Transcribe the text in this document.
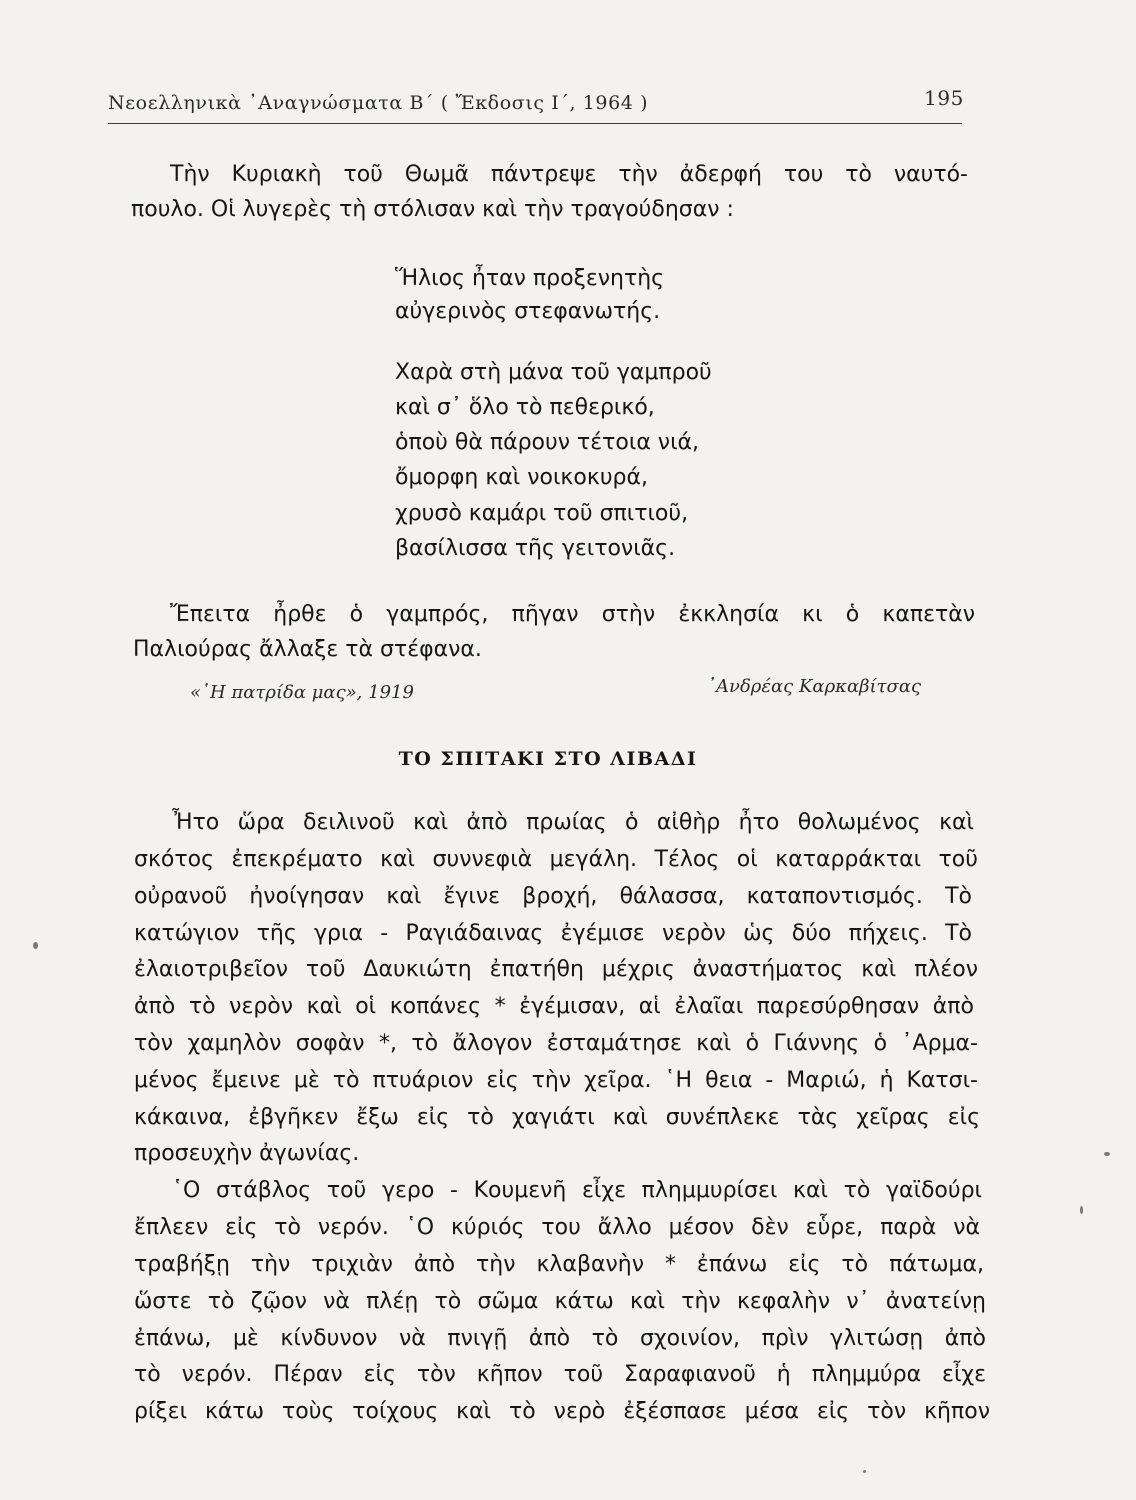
Νεοελληνικὰ ᾿Αναγνώσματα Β´ ( Ἔκδοσις Ι´, 1964 )	195
Τὴν Κυριακὴ τοῦ Θωμᾶ πάντρεψε τὴν ἀδερφή του τὸ ναυτό-
πουλο. Οἱ λυγερὲς τὴ στόλισαν καὶ τὴν τραγούδησαν :
Ἥλιος ἦταν προξενητὴς
αὐγερινὸς στεφανωτής.
Χαρὰ στὴ μάνα τοῦ γαμπροῦ
καὶ σ᾿ ὅλο τὸ πεθερικό,
ὁποὺ θὰ πάρουν τέτοια νιά,
ὄμορφη καὶ νοικοκυρά,
χρυσὸ καμάρι τοῦ σπιτιοῦ,
βασίλισσα τῆς γειτονιᾶς.
Ἔπειτα ἦρθε ὁ γαμπρός, πῆγαν στὴν ἐκκλησία κι ὁ καπετὰν
Παλιούρας ἄλλαξε τὰ στέφανα.
«῾Η πατρίδα μας», 1919	᾿Ανδρέας Καρκαβίτσας
ΤΟ ΣΠΙΤΑΚΙ ΣΤΟ ΛΙΒΑΔΙ
Ἦτο ὥρα δειλινοῦ καὶ ἀπὸ πρωίας ὁ αἰθὴρ ἦτο θολωμένος καὶ
σκότος ἐπεκρέματο καὶ συννεφιὰ μεγάλη. Τέλος οἱ καταρράκται τοῦ
οὐρανοῦ ἠνοίγησαν καὶ ἔγινε βροχή, θάλασσα, καταποντισμός. Τὸ
κατώγιον τῆς γρια - Ραγιάδαινας ἐγέμισε νερὸν ὡς δύο πήχεις. Τὸ
ἐλαιοτριβεῖον τοῦ Δαυκιώτη ἐπατήθη μέχρις ἀναστήματος καὶ πλέον
ἀπὸ τὸ νερὸν καὶ οἱ κοπάνες * ἐγέμισαν, αἱ ἐλαῖαι παρεσύρθησαν ἀπὸ
τὸν χαμηλὸν σοφὰν *, τὸ ἄλογον ἐσταμάτησε καὶ ὁ Γιάννης ὁ ᾿Αρμα-
μένος ἔμεινε μὲ τὸ πτυάριον εἰς τὴν χεῖρα. ῾Η θεια - Μαριώ, ἡ Κατσι-
κάκαινα, ἐβγῆκεν ἔξω εἰς τὸ χαγιάτι καὶ συνέπλεκε τὰς χεῖρας εἰς
προσευχὴν ἀγωνίας.
῾Ο στάβλος τοῦ γερο - Κουμενῆ εἶχε πλημμυρίσει καὶ τὸ γαϊδούρι
ἔπλεεν εἰς τὸ νερόν. ῾Ο κύριός του ἄλλο μέσον δὲν εὗρε, παρὰ νὰ
τραβήξῃ τὴν τριχιὰν ἀπὸ τὴν κλαβανὴν * ἐπάνω εἰς τὸ πάτωμα,
ὥστε τὸ ζῷον νὰ πλέῃ τὸ σῶμα κάτω καὶ τὴν κεφαλὴν ν᾿ ἀνατείνῃ
ἐπάνω, μὲ κίνδυνον νὰ πνιγῇ ἀπὸ τὸ σχοινίον, πρὶν γλιτώσῃ ἀπὸ
τὸ νερόν. Πέραν εἰς τὸν κῆπον τοῦ Σαραφιανοῦ ἡ πλημμύρα εἶχε
ρίξει κάτω τοὺς τοίχους καὶ τὸ νερὸ ἐξέσπασε μέσα εἰς τὸν κῆπον
